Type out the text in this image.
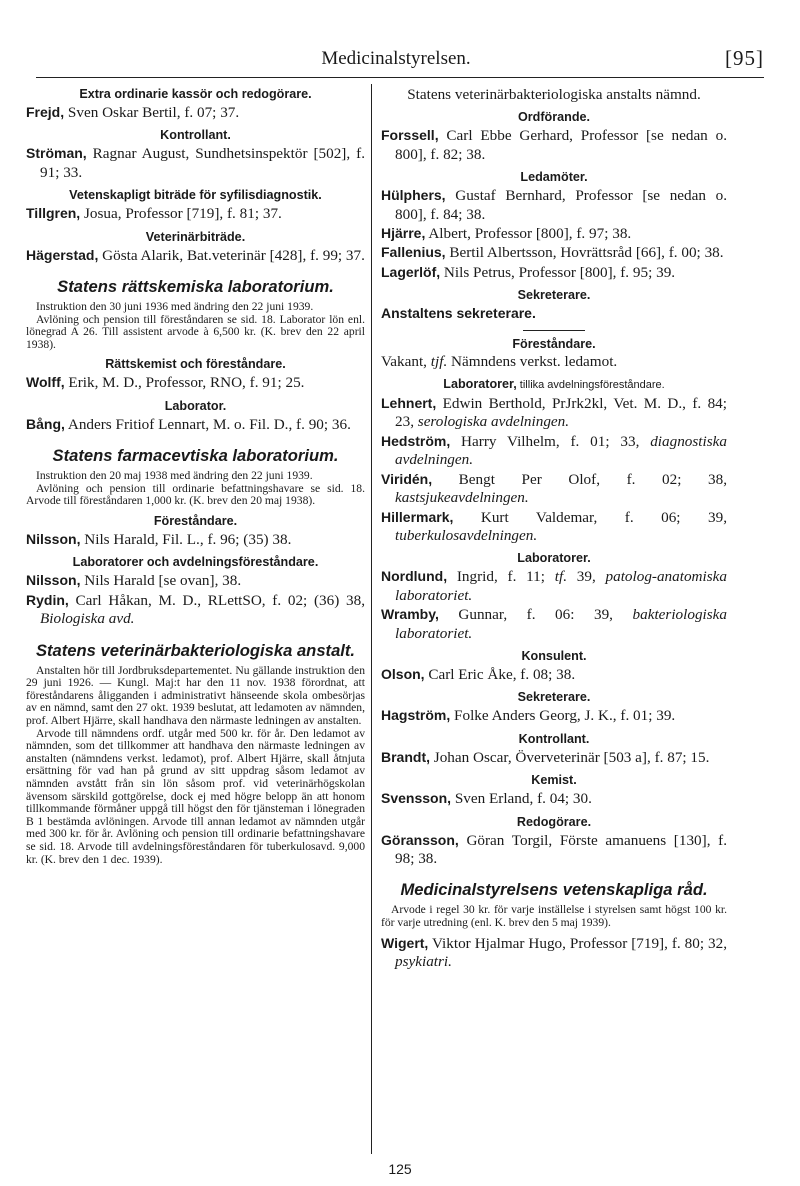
Medicinalstyrelsen.	[95]
Extra ordinarie kassör och redogörare.

Frejd, Sven Oskar Bertil, f. 07; 37.

Kontrollant.

Ströman, Ragnar August, Sundhetsinspektör [502], f. 91; 33.

Vetenskapligt biträde för syfilisdiagnostik.

Tillgren, Josua, Professor [719], f. 81; 37.

Veterinärbiträde.

Hägerstad, Gösta Alarik, Bat.veterinär [428], f. 99; 37.

Statens rättskemiska laboratorium.

Instruktion den 30 juni 1936 med ändring den 22 juni 1939.

Avlöning och pension till föreståndaren se sid. 18. Laborator lön enl. lönegrad A 26. Till assistent arvode à 6,500 kr. (K. brev den 22 april 1938).

Rättskemist och föreståndare.

Wolff, Erik, M. D., Professor, RNO, f. 91; 25.

Laborator.

Bång, Anders Fritiof Lennart, M. o. Fil. D., f. 90; 36.

Statens farmacevtiska laboratorium.

Instruktion den 20 maj 1938 med ändring den 22 juni 1939.

Avlöning och pension till ordinarie befattningshavare se sid. 18. Arvode till föreståndaren 1,000 kr. (K. brev den 20 maj 1938).

Föreståndare.

Nilsson, Nils Harald, Fil. L., f. 96; (35) 38.

Laboratorer och avdelningsföreståndare.

Nilsson, Nils Harald [se ovan], 38.

Rydin, Carl Håkan, M. D., RLettSO, f. 02; (36) 38, Biologiska avd.

Statens veterinärbakteriologiska anstalt.

Anstalten hör till Jordbruksdepartementet. Nu gällande instruktion den 29 juni 1926. — Kungl. Maj:t har den 11 nov. 1938 förordnat, att föreståndarens åligganden i administrativt hänseende skola ombesörjas av en nämnd, samt den 27 okt. 1939 beslutat, att ledamoten av nämnden, prof. Albert Hjärre, skall handhava den närmaste ledningen av anstalten.

Arvode till nämndens ordf. utgår med 500 kr. för år. Den ledamot av nämnden, som det tillkommer att handhava den närmaste ledningen av anstalten (nämndens verkst. ledamot), prof. Albert Hjärre, skall åtnjuta ersättning för vad han på grund av sitt uppdrag såsom ledamot av nämnden avstått från sin lön såsom prof. vid veterinärhögskolan ävensom särskild gottgörelse, dock ej med högre belopp än att honom tillkommande förmåner uppgå till högst den för tjänsteman i lönegraden B 1 bestämda avlöningen. Arvode till annan ledamot av nämnden utgår med 300 kr. för år. Avlöning och pension till ordinarie befattningshavare se sid. 18. Arvode till avdelningsföreståndaren för tuberkulosavd. 9,000 kr. (K. brev den 1 dec. 1939).

Statens veterinärbakteriologiska anstalts nämnd.

Ordförande.

Forssell, Carl Ebbe Gerhard, Professor [se nedan o. 800], f. 82; 38.

Ledamöter.

Hülphers, Gustaf Bernhard, Professor [se nedan o. 800], f. 84; 38.

Hjärre, Albert, Professor [800], f. 97; 38.

Fallenius, Bertil Albertsson, Hovrättsråd [66], f. 00; 38.

Lagerlöf, Nils Petrus, Professor [800], f. 95; 39.

Sekreterare.

Anstaltens sekreterare.

Föreståndare.

Vakant, tjf. Nämndens verkst. ledamot.

Laboratorer, tillika avdelningsföreståndare.

Lehnert, Edwin Berthold, PrJrk2kl, Vet. M. D., f. 84; 23, serologiska avdelningen.

Hedström, Harry Vilhelm, f. 01; 33, diagnostiska avdelningen.

Viridén, Bengt Per Olof, f. 02; 38, kastsjukeavdelningen.

Hillermark, Kurt Valdemar, f. 06; 39, tuberkulosavdelningen.

Laboratorer.

Nordlund, Ingrid, f. 11; tf. 39, patolog-anatomiska laboratoriet.

Wramby, Gunnar, f. 06: 39, bakteriologiska laboratoriet.

Konsulent.

Olson, Carl Eric Åke, f. 08; 38.

Sekreterare.

Hagström, Folke Anders Georg, J. K., f. 01; 39.

Kontrollant.

Brandt, Johan Oscar, Överveterinär [503 a], f. 87; 15.

Kemist.

Svensson, Sven Erland, f. 04; 30.

Redogörare.

Göransson, Göran Torgil, Förste amanuens [130], f. 98; 38.

Medicinalstyrelsens vetenskapliga råd.

Arvode i regel 30 kr. för varje inställelse i styrelsen samt högst 100 kr. för varje utredning (enl. K. brev den 5 maj 1939).

Wigert, Viktor Hjalmar Hugo, Professor [719], f. 80; 32, psykiatri.

125
